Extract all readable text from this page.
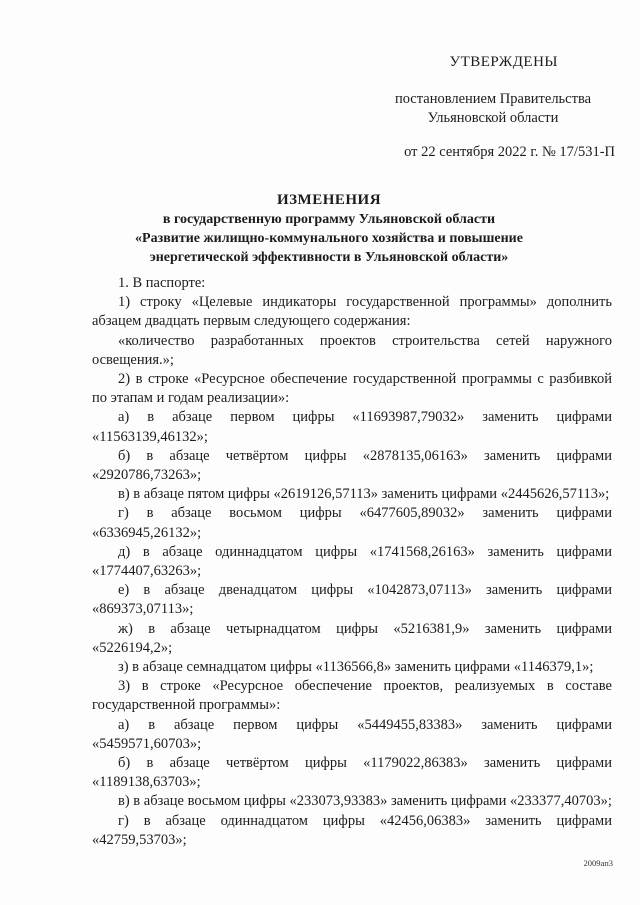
УТВЕРЖДЕНЫ
постановлением Правительства
Ульяновской области
от 22 сентября 2022 г. № 17/531-П
ИЗМЕНЕНИЯ
в государственную программу Ульяновской области
«Развитие жилищно-коммунального хозяйства и повышение
энергетической эффективности в Ульяновской области»

1. В паспорте:

1) строку «Целевые индикаторы государственной программы» дополнить абзацем двадцать первым следующего содержания:

«количество разработанных проектов строительства сетей наружного освещения.»;

2) в строке «Ресурсное обеспечение государственной программы с разбивкой по этапам и годам реализации»:

а) в абзаце первом цифры «11693987,79032» заменить цифрами «11563139,46132»;

б) в абзаце четвёртом цифры «2878135,06163» заменить цифрами «2920786,73263»;

в) в абзаце пятом цифры «2619126,57113» заменить цифрами «2445626,57113»;

г) в абзаце восьмом цифры «6477605,89032» заменить цифрами «6336945,26132»;

д) в абзаце одиннадцатом цифры «1741568,26163» заменить цифрами «1774407,63263»;

е) в абзаце двенадцатом цифры «1042873,07113» заменить цифрами «869373,07113»;

ж) в абзаце четырнадцатом цифры «5216381,9» заменить цифрами «5226194,2»;

з) в абзаце семнадцатом цифры «1136566,8» заменить цифрами «1146379,1»;

3) в строке «Ресурсное обеспечение проектов, реализуемых в составе государственной программы»:

а) в абзаце первом цифры «5449455,83383» заменить цифрами «5459571,60703»;

б) в абзаце четвёртом цифры «1179022,86383» заменить цифрами «1189138,63703»;

в) в абзаце восьмом цифры «233073,93383» заменить цифрами «233377,40703»;

г) в абзаце одиннадцатом цифры «42456,06383» заменить цифрами «42759,53703»;

2009ап3
